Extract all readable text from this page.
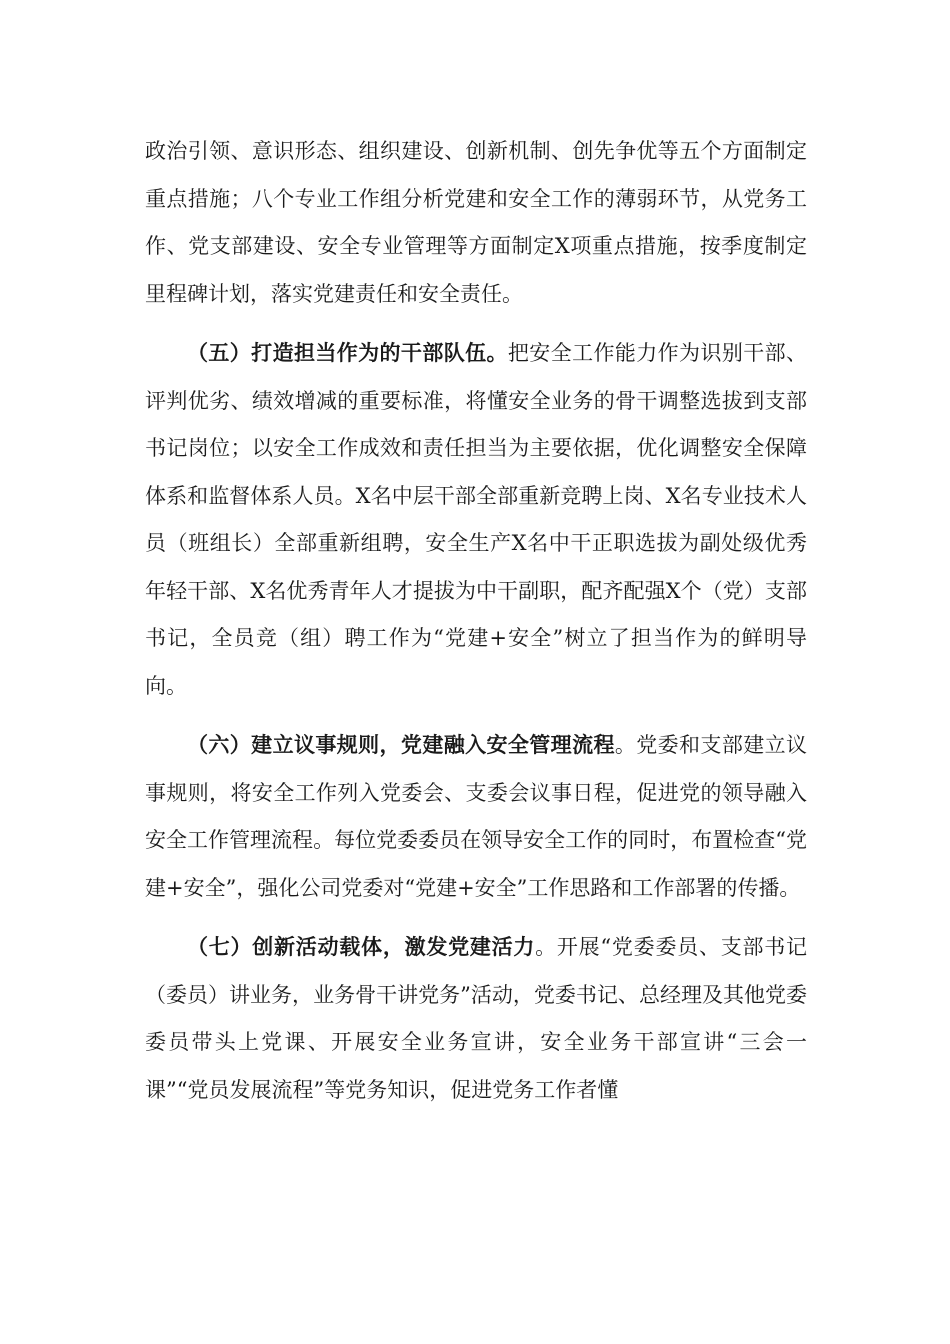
政治引领、意识形态、组织建设、创新机制、创先争优等五个方面制定重点措施；八个专业工作组分析党建和安全工作的薄弱环节，从党务工作、党支部建设、安全专业管理等方面制定X项重点措施，按季度制定里程碑计划，落实党建责任和安全责任。

（五）打造担当作为的干部队伍。把安全工作能力作为识别干部、评判优劣、绩效增减的重要标准，将懂安全业务的骨干调整选拔到支部书记岗位；以安全工作成效和责任担当为主要依据，优化调整安全保障体系和监督体系人员。X名中层干部全部重新竞聘上岗、X名专业技术人员（班组长）全部重新组聘，安全生产X名中干正职选拔为副处级优秀年轻干部、X名优秀青年人才提拔为中干副职，配齐配强X个（党）支部书记，全员竞（组）聘工作为“党建+安全”树立了担当作为的鲜明导向。

（六）建立议事规则，党建融入安全管理流程。党委和支部建立议事规则，将安全工作列入党委会、支委会议事日程，促进党的领导融入安全工作管理流程。每位党委委员在领导安全工作的同时，布置检查“党建+安全”，强化公司党委对“党建+安全”工作思路和工作部署的传播。

（七）创新活动载体，激发党建活力。开展“党委委员、支部书记（委员）讲业务，业务骨干讲党务”活动，党委书记、总经理及其他党委委员带头上党课、开展安全业务宣讲，安全业务干部宣讲“三会一课”“党员发展流程”等党务知识，促进党务工作者懂
